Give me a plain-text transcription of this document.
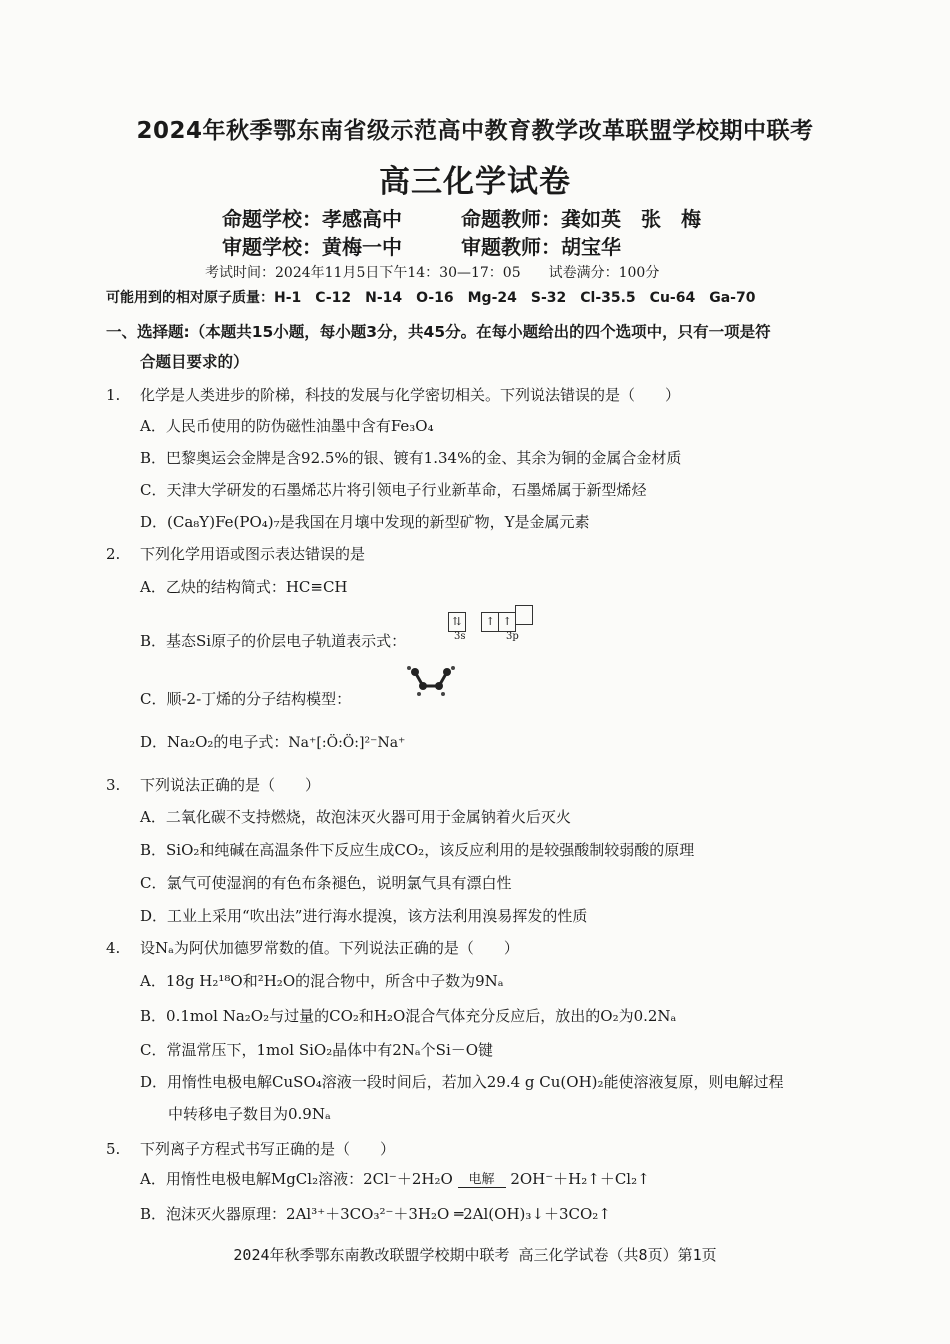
2024年秋季鄂东南省级示范高中教育教学改革联盟学校期中联考
高三化学试卷
命题学校：孝感高中	命题教师：龚如英　张　梅
审题学校：黄梅一中	审题教师：胡宝华
考试时间：2024年11月5日下午14：30—17：05　　试卷满分：100分
可能用到的相对原子质量：H-1　C-12　N-14　O-16　Mg-24　S-32　Cl-35.5　Cu-64　Ga-70
一、选择题:（本题共15小题，每小题3分，共45分。在每小题给出的四个选项中，只有一项是符
合题目要求的）
1. 化学是人类进步的阶梯，科技的发展与化学密切相关。下列说法错误的是（　　）
A．人民币使用的防伪磁性油墨中含有Fe₃O₄
B．巴黎奥运会金牌是含92.5%的银、镀有1.34%的金、其余为铜的金属合金材质
C．天津大学研发的石墨烯芯片将引领电子行业新革命，石墨烯属于新型烯烃
D．(Ca₈Y)Fe(PO₄)₇是我国在月壤中发现的新型矿物，Y是金属元素
2. 下列化学用语或图示表达错误的是
A．乙炔的结构简式：HC≡CH
B．基态Si原子的价层电子轨道表示式：
⇅ ↑ ↑
3s	3p
C．顺-2-丁烯的分子结构模型：
D．Na₂O₂的电子式：Na⁺[:Ö:Ö:]²⁻Na⁺
3. 下列说法正确的是（　　）
A．二氧化碳不支持燃烧，故泡沫灭火器可用于金属钠着火后灭火
B．SiO₂和纯碱在高温条件下反应生成CO₂，该反应利用的是较强酸制较弱酸的原理
C．氯气可使湿润的有色布条褪色，说明氯气具有漂白性
D．工业上采用“吹出法”进行海水提溴，该方法利用溴易挥发的性质
4. 设Nₐ为阿伏加德罗常数的值。下列说法正确的是（　　）
A．18g H₂¹⁸O和²H₂O的混合物中，所含中子数为9Nₐ
B．0.1mol Na₂O₂与过量的CO₂和H₂O混合气体充分反应后，放出的O₂为0.2Nₐ
C．常温常压下，1mol SiO₂晶体中有2Nₐ个Si－O键
D．用惰性电极电解CuSO₄溶液一段时间后，若加入29.4 g Cu(OH)₂能使溶液复原，则电解过程
中转移电子数目为0.9Nₐ
5. 下列离子方程式书写正确的是（　　）
A．用惰性电极电解MgCl₂溶液：2Cl⁻＋2H₂O	电解	2OH⁻＋H₂↑＋Cl₂↑
B．泡沫灭火器原理：2Al³⁺＋3CO₃²⁻＋3H₂O ═2Al(OH)₃↓＋3CO₂↑
2024年秋季鄂东南教改联盟学校期中联考 高三化学试卷（共8页）第1页
